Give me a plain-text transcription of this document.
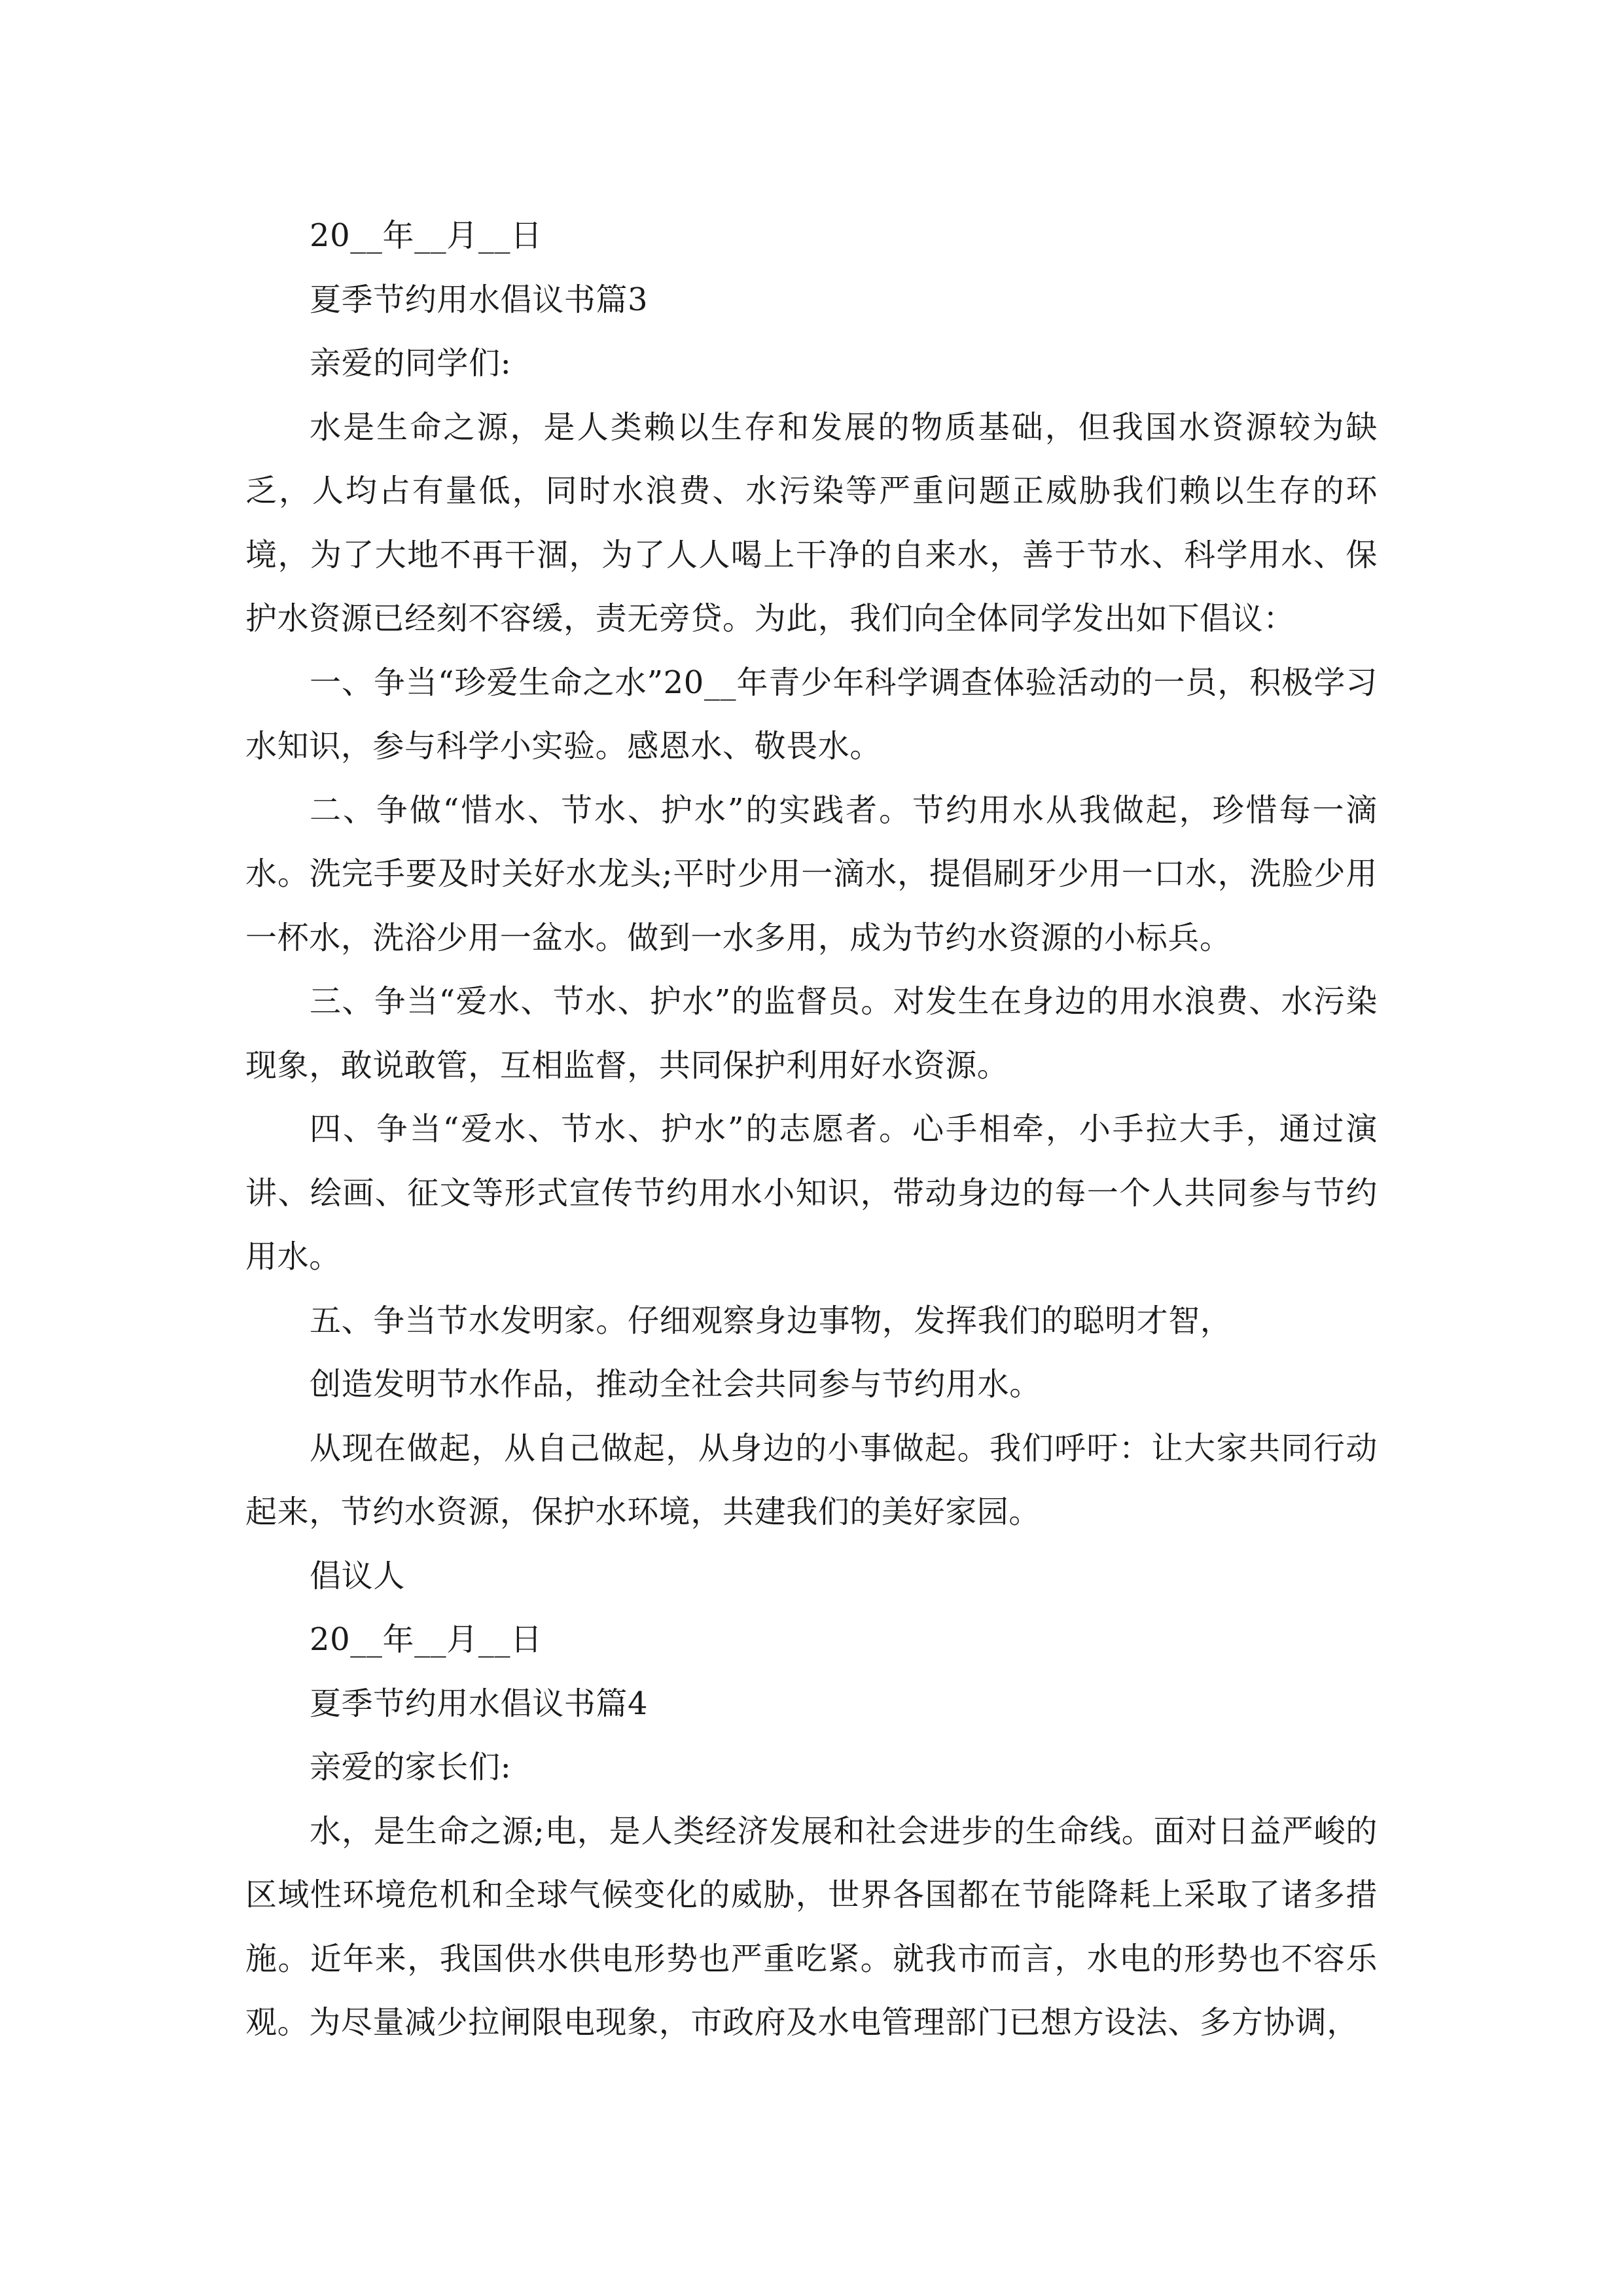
20__年__月__日

夏季节约用水倡议书篇3

亲爱的同学们:

水是生命之源，是人类赖以生存和发展的物质基础，但我国水资源较为缺乏，人均占有量低，同时水浪费、水污染等严重问题正威胁我们赖以生存的环境，为了大地不再干涸，为了人人喝上干净的自来水，善于节水、科学用水、保护水资源已经刻不容缓，责无旁贷。为此，我们向全体同学发出如下倡议：

一、争当“珍爱生命之水”20__年青少年科学调查体验活动的一员，积极学习水知识，参与科学小实验。感恩水、敬畏水。

二、争做“惜水、节水、护水”的实践者。节约用水从我做起，珍惜每一滴水。洗完手要及时关好水龙头;平时少用一滴水，提倡刷牙少用一口水，洗脸少用一杯水，洗浴少用一盆水。做到一水多用，成为节约水资源的小标兵。

三、争当“爱水、节水、护水”的监督员。对发生在身边的用水浪费、水污染现象，敢说敢管，互相监督，共同保护利用好水资源。

四、争当“爱水、节水、护水”的志愿者。心手相牵，小手拉大手，通过演讲、绘画、征文等形式宣传节约用水小知识，带动身边的每一个人共同参与节约用水。

五、争当节水发明家。仔细观察身边事物，发挥我们的聪明才智，

创造发明节水作品，推动全社会共同参与节约用水。

从现在做起，从自己做起，从身边的小事做起。我们呼吁：让大家共同行动起来，节约水资源，保护水环境，共建我们的美好家园。

倡议人

20__年__月__日

夏季节约用水倡议书篇4

亲爱的家长们:

水，是生命之源;电，是人类经济发展和社会进步的生命线。面对日益严峻的区域性环境危机和全球气候变化的威胁，世界各国都在节能降耗上采取了诸多措施。近年来，我国供水供电形势也严重吃紧。就我市而言，水电的形势也不容乐观。为尽量减少拉闸限电现象，市政府及水电管理部门已想方设法、多方协调，
